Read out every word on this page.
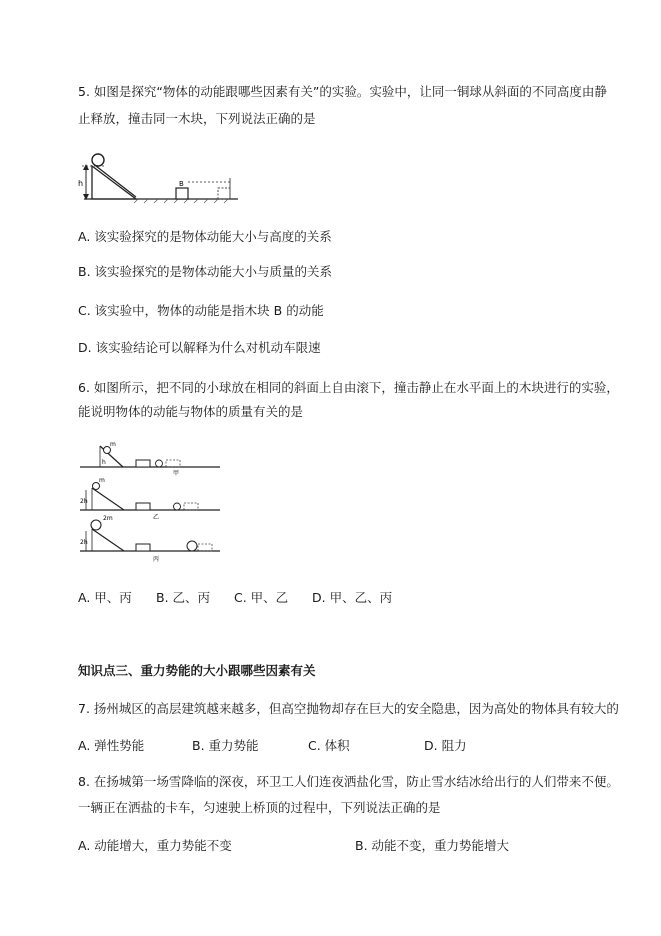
5. 如图是探究“物体的动能跟哪些因素有关”的实验。实验中，让同一铜球从斜面的不同高度由静
止释放，撞击同一木块，下列说法正确的是
h	B
A. 该实验探究的是物体动能大小与高度的关系
B. 该实验探究的是物体动能大小与质量的关系
C. 该实验中，物体的动能是指木块 B 的动能
D. 该实验结论可以解释为什么对机动车限速
6. 如图所示，把不同的小球放在相同的斜面上自由滚下，撞击静止在水平面上的木块进行的实验，
能说明物体的动能与物体的质量有关的是
m
h
甲
m
2h
乙
2m
2h
丙
A. 甲、丙 B. 乙、丙 C. 甲、乙 D. 甲、乙、丙
知识点三、重力势能的大小跟哪些因素有关
7. 扬州城区的高层建筑越来越多，但高空抛物却存在巨大的安全隐患，因为高处的物体具有较大的
A. 弹性势能	B. 重力势能	C. 体积	D. 阻力
8. 在扬城第一场雪降临的深夜，环卫工人们连夜洒盐化雪，防止雪水结冰给出行的人们带来不便。
一辆正在洒盐的卡车，匀速驶上桥顶的过程中，下列说法正确的是
A. 动能增大，重力势能不变	B. 动能不变，重力势能增大
